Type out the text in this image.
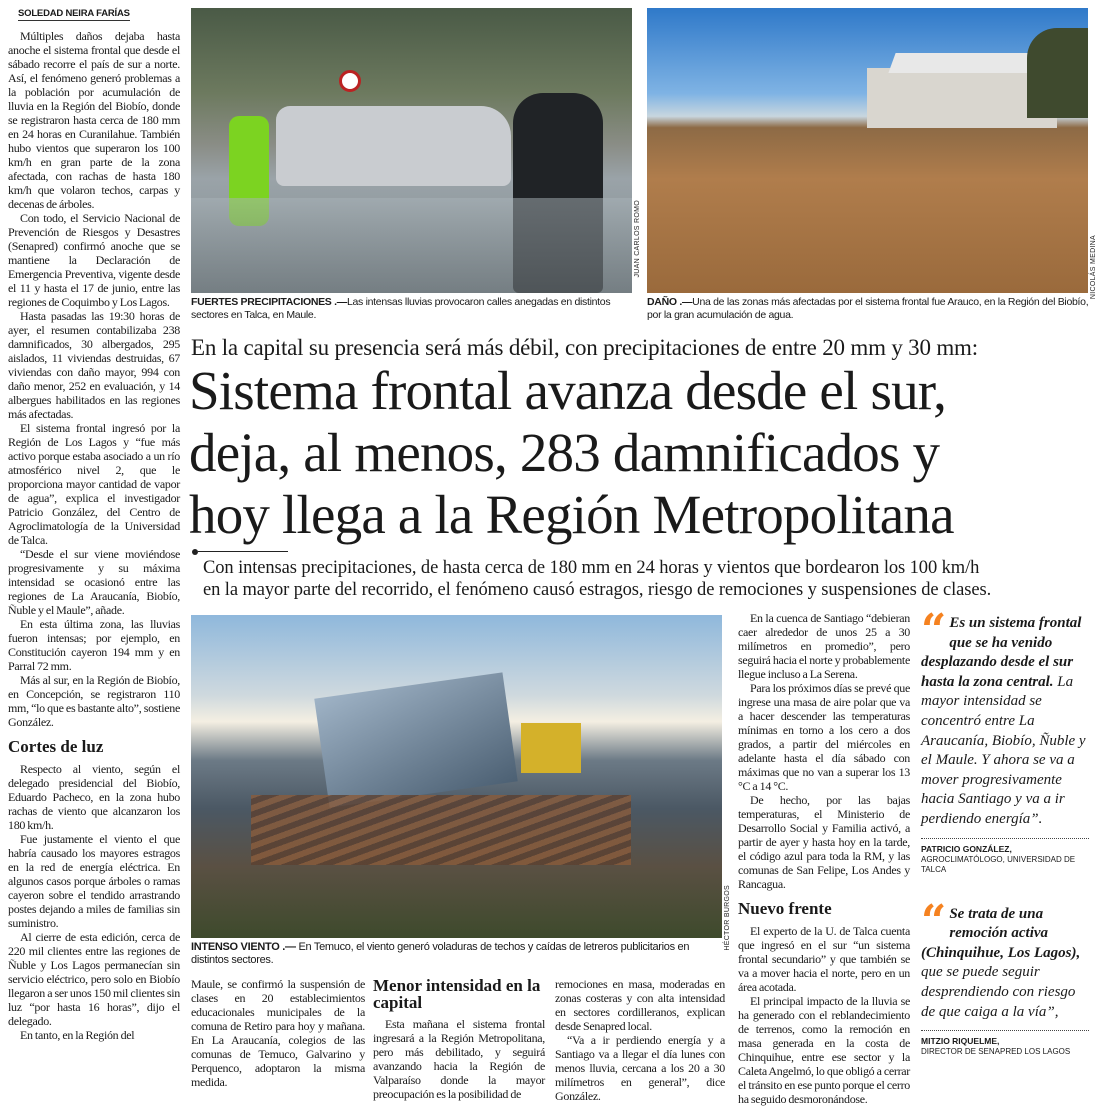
SOLEDAD NEIRA FARÍAS

Múltiples daños dejaba hasta anoche el sistema frontal que desde el sábado recorre el país de sur a norte. Así, el fenómeno generó problemas a la población por acumulación de lluvia en la Región del Biobío, donde se registraron hasta cerca de 180 mm en 24 horas en Curanilahue. También hubo vientos que superaron los 100 km/h en gran parte de la zona afectada, con rachas de hasta 180 km/h que volaron techos, carpas y decenas de árboles.

Con todo, el Servicio Nacional de Prevención de Riesgos y Desastres (Senapred) confirmó anoche que se mantiene la Declaración de Emergencia Preventiva, vigente desde el 11 y hasta el 17 de junio, entre las regiones de Coquimbo y Los Lagos.

Hasta pasadas las 19:30 horas de ayer, el resumen contabilizaba 238 damnificados, 30 albergados, 295 aislados, 11 viviendas destruidas, 67 viviendas con daño mayor, 994 con daño menor, 252 en evaluación, y 14 albergues habilitados en las regiones más afectadas.

El sistema frontal ingresó por la Región de Los Lagos y “fue más activo porque estaba asociado a un río atmosférico nivel 2, que le proporciona mayor cantidad de vapor de agua”, explica el investigador Patricio González, del Centro de Agroclimatología de la Universidad de Talca.

“Desde el sur viene moviéndose progresivamente y su máxima intensidad se ocasionó entre las regiones de La Araucanía, Biobío, Ñuble y el Maule”, añade.

En esta última zona, las lluvias fueron intensas; por ejemplo, en Constitución cayeron 194 mm y en Parral 72 mm.

Más al sur, en la Región de Biobío, en Concepción, se registraron 110 mm, “lo que es bastante alto”, sostiene González.

Cortes de luz

Respecto al viento, según el delegado presidencial del Biobío, Eduardo Pacheco, en la zona hubo rachas de viento que alcanzaron los 180 km/h.

Fue justamente el viento el que habría causado los mayores estragos en la red de energía eléctrica. En algunos casos porque árboles o ramas cayeron sobre el tendido arrastrando postes dejando a miles de familias sin suministro.

Al cierre de esta edición, cerca de 220 mil clientes entre las regiones de Ñuble y Los Lagos permanecían sin servicio eléctrico, pero solo en Biobío llegaron a ser unos 150 mil clientes sin luz “por hasta 16 horas”, dijo el delegado.

En tanto, en la Región del

JUAN CARLOS ROMO	NICOLÁS MEDINA
FUERTES PRECIPITACIONES .—Las intensas lluvias provocaron calles anegadas en distintos sectores en Talca, en Maule.
DAÑO .—Una de las zonas más afectadas por el sistema frontal fue Arauco, en la Región del Biobío, por la gran acumulación de agua.
En la capital su presencia será más débil, con precipitaciones de entre 20 mm y 30 mm:
Sistema frontal avanza desde el sur,
deja, al menos, 283 damnificados y
hoy llega a la Región Metropolitana
Con intensas precipitaciones, de hasta cerca de 180 mm en 24 horas y vientos que bordearon los 100 km/h
en la mayor parte del recorrido, el fenómeno causó estragos, riesgo de remociones y suspensiones de clases.
HÉCTOR BURGOS
INTENSO VIENTO .— En Temuco, el viento generó voladuras de techos y caídas de letreros publicitarios en distintos sectores.

Maule, se confirmó la suspensión de clases en 20 establecimientos educacionales municipales de la comuna de Retiro para hoy y mañana. En La Araucanía, colegios de las comunas de Temuco, Galvarino y Perquenco, adoptaron la misma medida.

Menor intensidad en la capital

Esta mañana el sistema frontal ingresará a la Región Metropolitana, pero más debilitado, y seguirá avanzando hacia la Región de Valparaíso donde la mayor preocupación es la posibilidad de

remociones en masa, moderadas en zonas costeras y con alta intensidad en sectores cordilleranos, explican desde Senapred local.

“Va a ir perdiendo energía y a Santiago va a llegar el día lunes con menos lluvia, cercana a los 20 a 30 milímetros en general”, dice González.

En la cuenca de Santiago “debieran caer alrededor de unos 25 a 30 milímetros en promedio”, pero seguirá hacia el norte y probablemente llegue incluso a La Serena.

Para los próximos días se prevé que ingrese una masa de aire polar que va a hacer descender las temperaturas mínimas en torno a los cero a dos grados, a partir del miércoles en adelante hasta el día sábado con máximas que no van a superar los 13 °C a 14 °C.

De hecho, por las bajas temperaturas, el Ministerio de Desarrollo Social y Familia activó, a partir de ayer y hasta hoy en la tarde, el código azul para toda la RM, y las comunas de San Felipe, Los Andes y Rancagua.

Nuevo frente

El experto de la U. de Talca cuenta que ingresó en el sur “un sistema frontal secundario” y que también se va a mover hacia el norte, pero en un área acotada.

El principal impacto de la lluvia se ha generado con el reblandecimiento de terrenos, como la remoción en masa generada en la costa de Chinquihue, entre ese sector y la Caleta Angelmó, lo que obligó a cerrar el tránsito en ese punto porque el cerro ha seguido desmoronándose.

“ Es un sistema frontal que se ha venido desplazando desde el sur hasta la zona central. La mayor intensidad se concentró entre La Araucanía, Biobío, Ñuble y el Maule. Y ahora se va a mover progresivamente hacia Santiago y va a ir perdiendo energía”.
PATRICIO GONZÁLEZ,
AGROCLIMATÓLOGO, UNIVERSIDAD DE TALCA
“ Se trata de una remoción activa (Chinquihue, Los Lagos), que se puede seguir desprendiendo con riesgo de que caiga a la vía”,
MITZIO RIQUELME,
DIRECTOR DE SENAPRED LOS LAGOS
